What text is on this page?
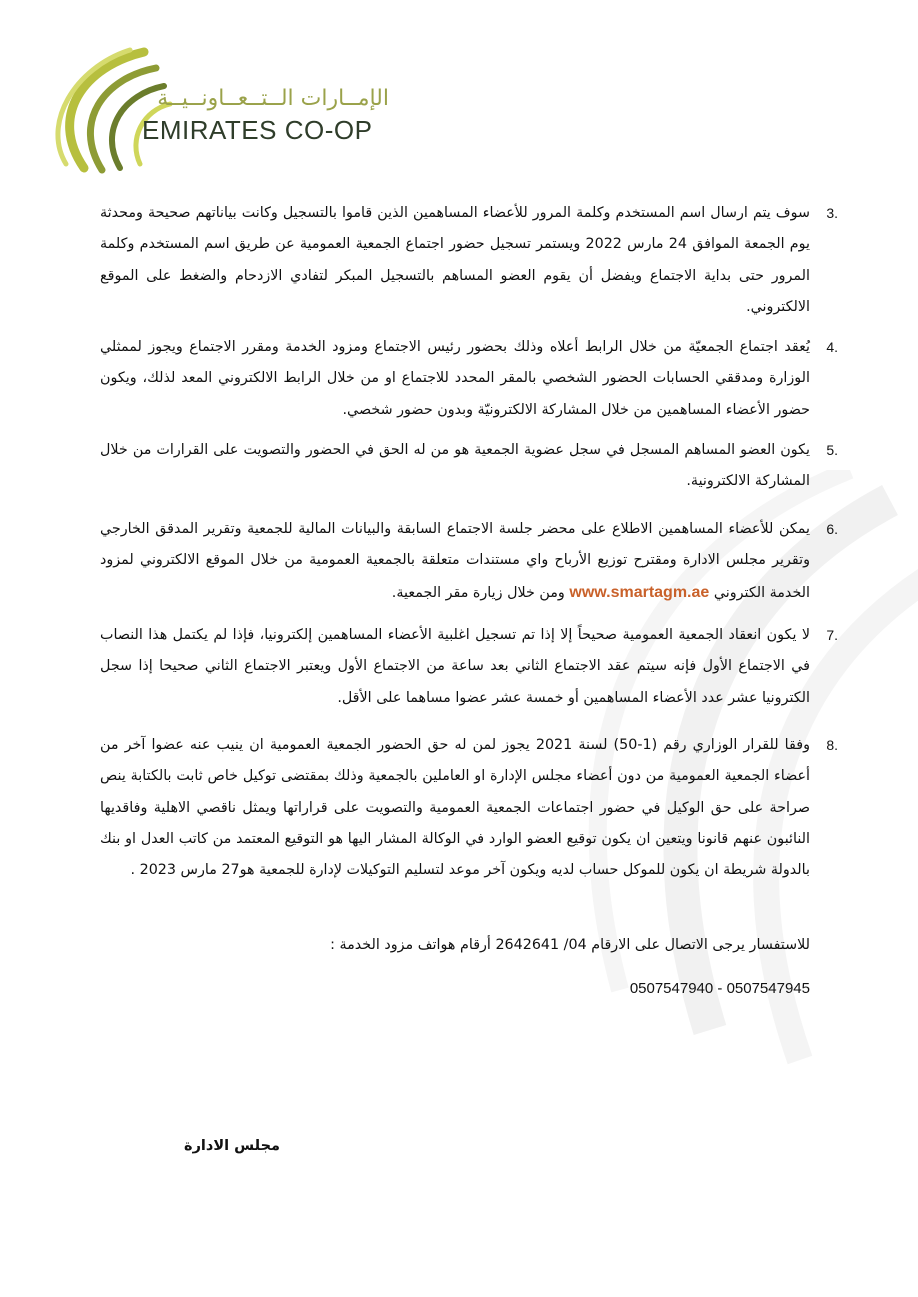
الإمــارات الــتــعــاونــيــة
EMIRATES CO-OP
3.
سوف يتم ارسال اسم المستخدم وكلمة المرور للأعضاء المساهمين الذين قاموا بالتسجيل وكانت بياناتهم صحيحة ومحدثة يوم الجمعة الموافق 24 مارس 2022 ويستمر تسجيل حضور اجتماع الجمعية العمومية عن طريق اسم المستخدم وكلمة المرور حتى بداية الاجتماع ويفضل أن يقوم العضو المساهم بالتسجيل المبكر لتفادي الازدحام والضغط على الموقع الالكتروني.
4.
يُعقد اجتماع الجمعيّة من خلال الرابط أعلاه وذلك بحضور رئيس الاجتماع ومزود الخدمة ومقرر الاجتماع ويجوز لممثلي الوزارة ومدققي الحسابات الحضور الشخصي بالمقر المحدد للاجتماع او من خلال الرابط الالكتروني المعد لذلك، ويكون حضور الأعضاء المساهمين من خلال المشاركة الالكترونيّة وبدون حضور شخصي.
5.
يكون العضو المساهم المسجل في سجل عضوية الجمعية هو من له الحق في الحضور والتصويت على القرارات من خلال المشاركة الالكترونية.
6.
يمكن للأعضاء المساهمين الاطلاع على محضر جلسة الاجتماع السابقة والبيانات المالية للجمعية وتقرير المدقق الخارجي وتقرير مجلس الادارة ومقترح توزيع الأرباح واي مستندات متعلقة بالجمعية العمومية من خلال الموقع الالكتروني لمزود الخدمة الكتروني www.smartagm.ae ومن خلال زيارة مقر الجمعية.
7.
لا يكون انعقاد الجمعية العمومية صحيحاً إلا إذا تم تسجيل اغلبية الأعضاء المساهمين إلكترونيا، فإذا لم يكتمل هذا النصاب في الاجتماع الأول فإنه سيتم عقد الاجتماع الثاني بعد ساعة من الاجتماع الأول ويعتبر الاجتماع الثاني صحيحا إذا سجل الكترونيا عشر عدد الأعضاء المساهمين أو خمسة عشر عضوا مساهما على الأقل.
8.
وفقا للقرار الوزاري رقم (1-50) لسنة 2021 يجوز لمن له حق الحضور الجمعية العمومية ان ينيب عنه عضوا آخر من أعضاء الجمعية العمومية من دون أعضاء مجلس الإدارة او العاملين بالجمعية وذلك بمقتضى توكيل خاص ثابت بالكتابة ينص صراحة على حق الوكيل في حضور اجتماعات الجمعية العمومية والتصويت على قراراتها ويمثل ناقصي الاهلية وفاقديها النائبون عنهم قانونا ويتعين ان يكون توقيع العضو الوارد في الوكالة المشار اليها هو التوقيع المعتمد من كاتب العدل او بنك بالدولة شريطة ان يكون للموكل حساب لديه ويكون آخر موعد لتسليم التوكيلات لإدارة للجمعية هو27 مارس 2023 .
للاستفسار يرجى الاتصال على الارقام 04/ 2642641 أرقام هواتف مزود الخدمة :
0507547940 - 0507547945
مجلس الادارة
